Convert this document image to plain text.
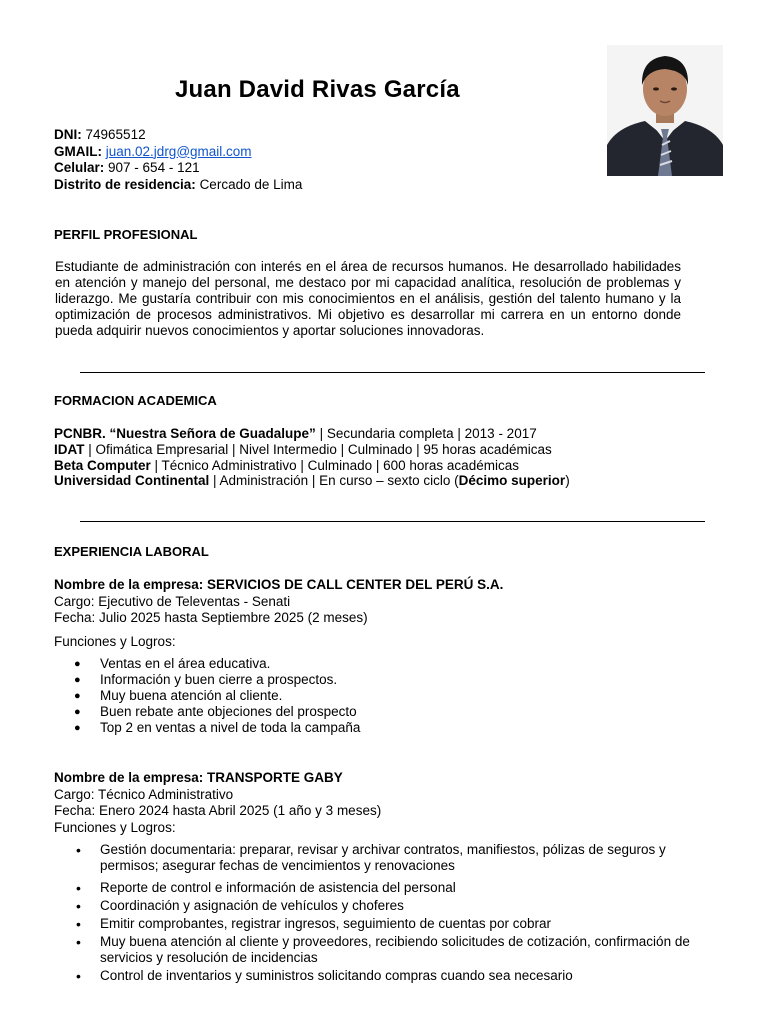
Juan David Rivas García
DNI: 74965512
GMAIL: juan.02.jdrg@gmail.com
Celular: 907 - 654 - 121
Distrito de residencia: Cercado de Lima
PERFIL PROFESIONAL
Estudiante de administración con interés en el área de recursos humanos. He desarrollado habilidades en atención y manejo del personal, me destaco por mi capacidad analítica, resolución de problemas y liderazgo. Me gustaría contribuir con mis conocimientos en el análisis, gestión del talento humano y la optimización de procesos administrativos. Mi objetivo es desarrollar mi carrera en un entorno donde pueda adquirir nuevos conocimientos y aportar soluciones innovadoras.
FORMACION ACADEMICA
PCNBR. “Nuestra Señora de Guadalupe” | Secundaria completa | 2013 - 2017
IDAT | Ofimática Empresarial | Nivel Intermedio | Culminado | 95 horas académicas
Beta Computer | Técnico Administrativo | Culminado | 600 horas académicas
Universidad Continental | Administración | En curso – sexto ciclo (Décimo superior)
EXPERIENCIA LABORAL
Nombre de la empresa: SERVICIOS DE CALL CENTER DEL PERÚ S.A.
Cargo: Ejecutivo de Televentas - Senati
Fecha: Julio 2025 hasta Septiembre 2025 (2 meses)
Funciones y Logros:
● Ventas en el área educativa.
● Información y buen cierre a prospectos.
● Muy buena atención al cliente.
● Buen rebate ante objeciones del prospecto
● Top 2 en ventas a nivel de toda la campaña
Nombre de la empresa: TRANSPORTE GABY
Cargo: Técnico Administrativo
Fecha: Enero 2024 hasta Abril 2025 (1 año y 3 meses)
Funciones y Logros:
• Gestión documentaria: preparar, revisar y archivar contratos, manifiestos, pólizas de seguros y permisos; asegurar fechas de vencimientos y renovaciones
• Reporte de control e información de asistencia del personal
• Coordinación y asignación de vehículos y choferes
• Emitir comprobantes, registrar ingresos, seguimiento de cuentas por cobrar
• Muy buena atención al cliente y proveedores, recibiendo solicitudes de cotización, confirmación de servicios y resolución de incidencias
• Control de inventarios y suministros solicitando compras cuando sea necesario
